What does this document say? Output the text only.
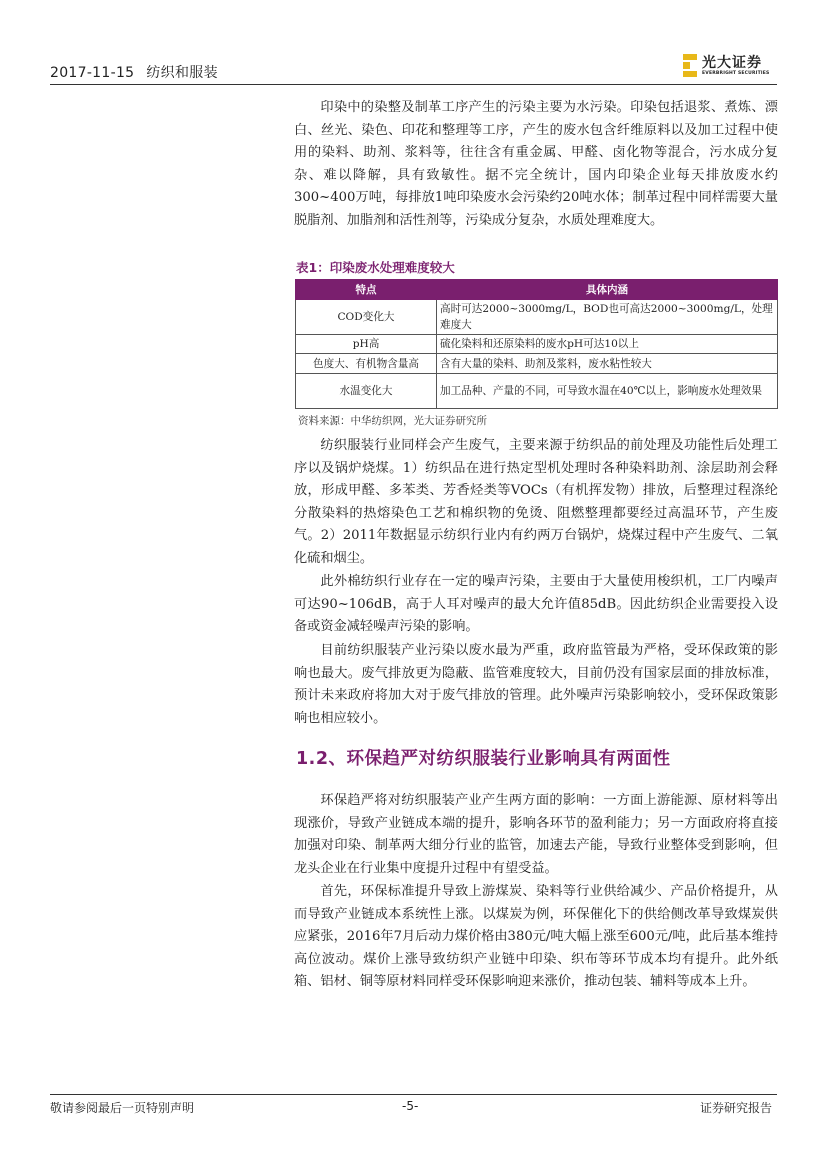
2017-11-15 纺织和服装
光大证券
EVERBRIGHT SECURITIES

印染中的染整及制革工序产生的污染主要为水污染。印染包括退浆、煮炼、漂白、丝光、染色、印花和整理等工序，产生的废水包含纤维原料以及加工过程中使用的染料、助剂、浆料等，往往含有重金属、甲醛、卤化物等混合，污水成分复杂、难以降解，具有致敏性。据不完全统计，国内印染企业每天排放废水约300~400万吨，每排放1吨印染废水会污染约20吨水体；制革过程中同样需要大量脱脂剂、加脂剂和活性剂等，污染成分复杂，水质处理难度大。

表1：印染废水处理难度较大
特点	具体内涵
COD变化大	高时可达2000~3000mg/L，BOD也可高达2000~3000mg/L，处理难度大
pH高	硫化染料和还原染料的废水pH可达10以上
色度大、有机物含量高	含有大量的染料、助剂及浆料，废水粘性较大
水温变化大	加工品种、产量的不同，可导致水温在40℃以上，影响废水处理效果
资料来源：中华纺织网，光大证券研究所

纺织服装行业同样会产生废气，主要来源于纺织品的前处理及功能性后处理工序以及锅炉烧煤。1）纺织品在进行热定型机处理时各种染料助剂、涂层助剂会释放，形成甲醛、多苯类、芳香烃类等VOCs（有机挥发物）排放，后整理过程涤纶分散染料的热熔染色工艺和棉织物的免烫、阻燃整理都要经过高温环节，产生废气。2）2011年数据显示纺织行业内有约两万台锅炉，烧煤过程中产生废气、二氧化硫和烟尘。

此外棉纺织行业存在一定的噪声污染，主要由于大量使用梭织机，工厂内噪声可达90~106dB，高于人耳对噪声的最大允许值85dB。因此纺织企业需要投入设备或资金减轻噪声污染的影响。

目前纺织服装产业污染以废水最为严重，政府监管最为严格，受环保政策的影响也最大。废气排放更为隐蔽、监管难度较大，目前仍没有国家层面的排放标准，预计未来政府将加大对于废气排放的管理。此外噪声污染影响较小，受环保政策影响也相应较小。

1.2、环保趋严对纺织服装行业影响具有两面性

环保趋严将对纺织服装产业产生两方面的影响：一方面上游能源、原材料等出现涨价，导致产业链成本端的提升，影响各环节的盈利能力；另一方面政府将直接加强对印染、制革两大细分行业的监管，加速去产能，导致行业整体受到影响，但龙头企业在行业集中度提升过程中有望受益。

首先，环保标准提升导致上游煤炭、染料等行业供给减少、产品价格提升，从而导致产业链成本系统性上涨。以煤炭为例，环保催化下的供给侧改革导致煤炭供应紧张，2016年7月后动力煤价格由380元/吨大幅上涨至600元/吨，此后基本维持高位波动。煤价上涨导致纺织产业链中印染、织布等环节成本均有提升。此外纸箱、铝材、铜等原材料同样受环保影响迎来涨价，推动包装、辅料等成本上升。

敬请参阅最后一页特别声明	-5-	证券研究报告
